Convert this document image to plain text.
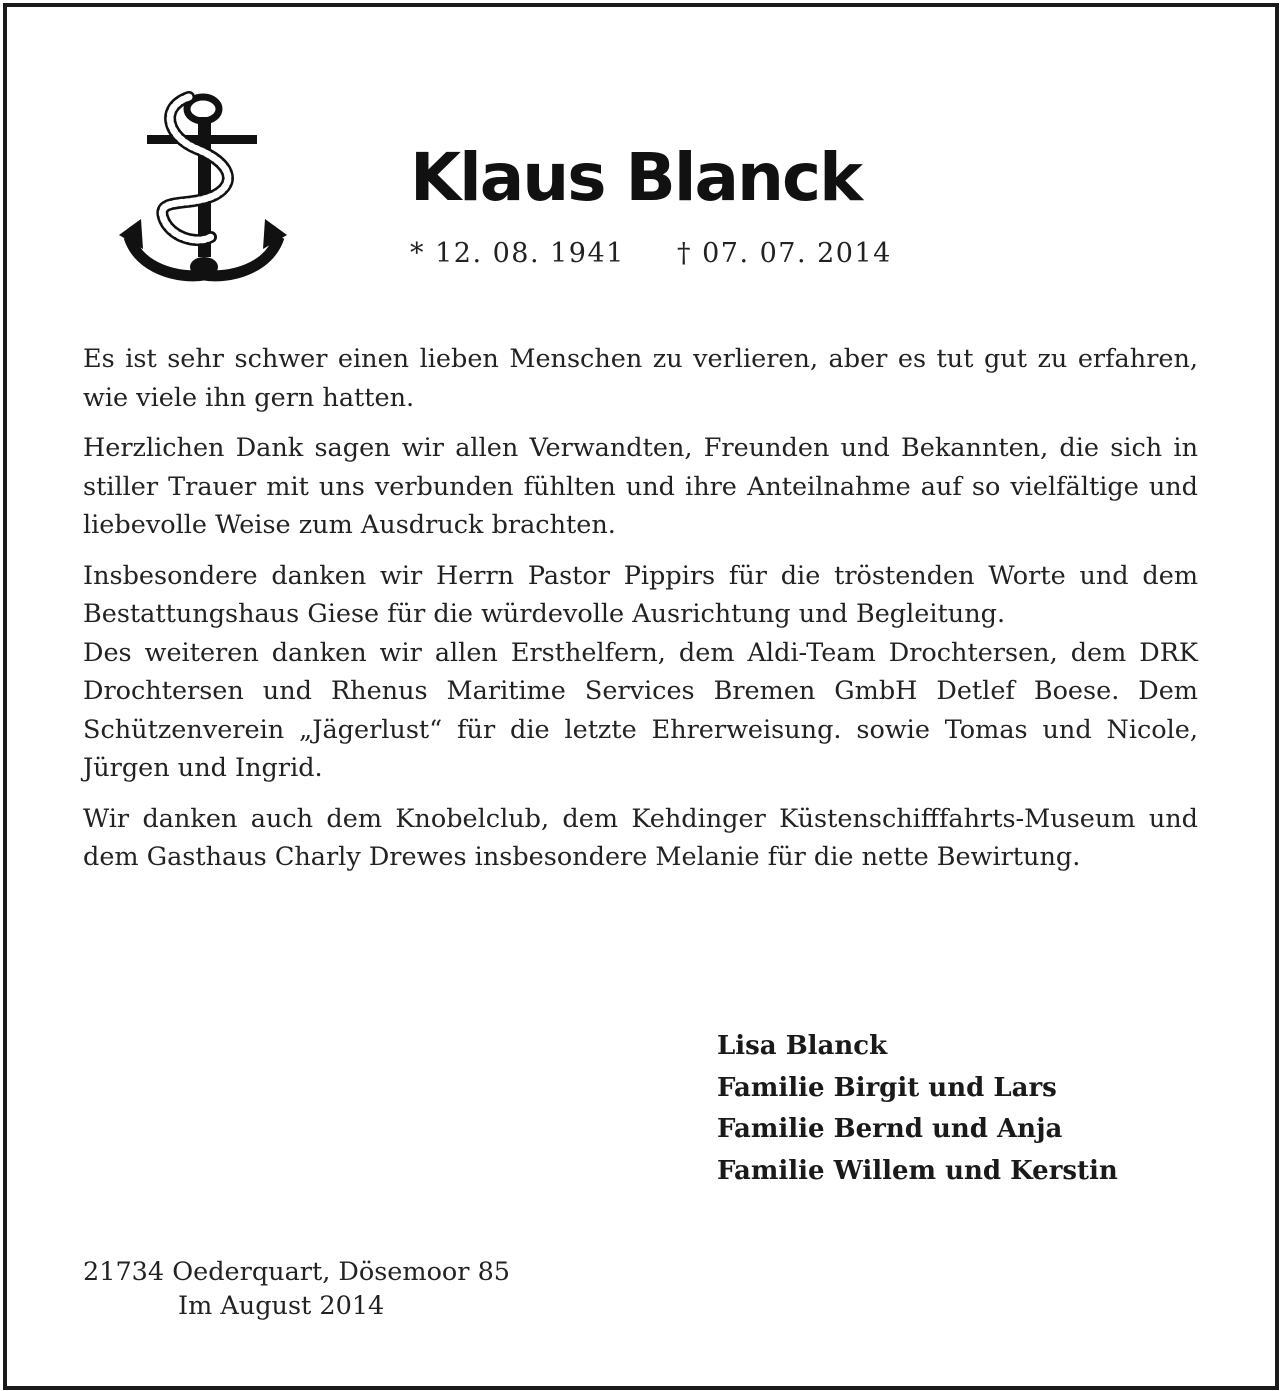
Klaus Blanck
* 12. 08. 1941 † 07. 07. 2014

Es ist sehr schwer einen lieben Menschen zu verlieren, aber es tut gut zu erfahren, wie viele ihn gern hatten.

Herzlichen Dank sagen wir allen Verwandten, Freunden und Bekannten, die sich in stiller Trauer mit uns verbunden fühlten und ihre Anteilnahme auf so vielfältige und liebevolle Weise zum Ausdruck brachten.

Insbesondere danken wir Herrn Pastor Pippirs für die tröstenden Worte und dem Bestattungshaus Giese für die würdevolle Ausrichtung und Begleitung.

Des weiteren danken wir allen Ersthelfern, dem Aldi-Team Drochtersen, dem DRK Drochtersen und Rhenus Maritime Services Bremen GmbH Detlef Boese. Dem Schützenverein „Jägerlust“ für die letzte Ehrerweisung. sowie Tomas und Nicole, Jürgen und Ingrid.

Wir danken auch dem Knobelclub, dem Kehdinger Küstenschifffahrts-Museum und dem Gasthaus Charly Drewes insbesondere Melanie für die nette Bewirtung.

Lisa Blanck
Familie Birgit und Lars
Familie Bernd und Anja
Familie Willem und Kerstin
21734 Oederquart, Dösemoor 85
Im August 2014
